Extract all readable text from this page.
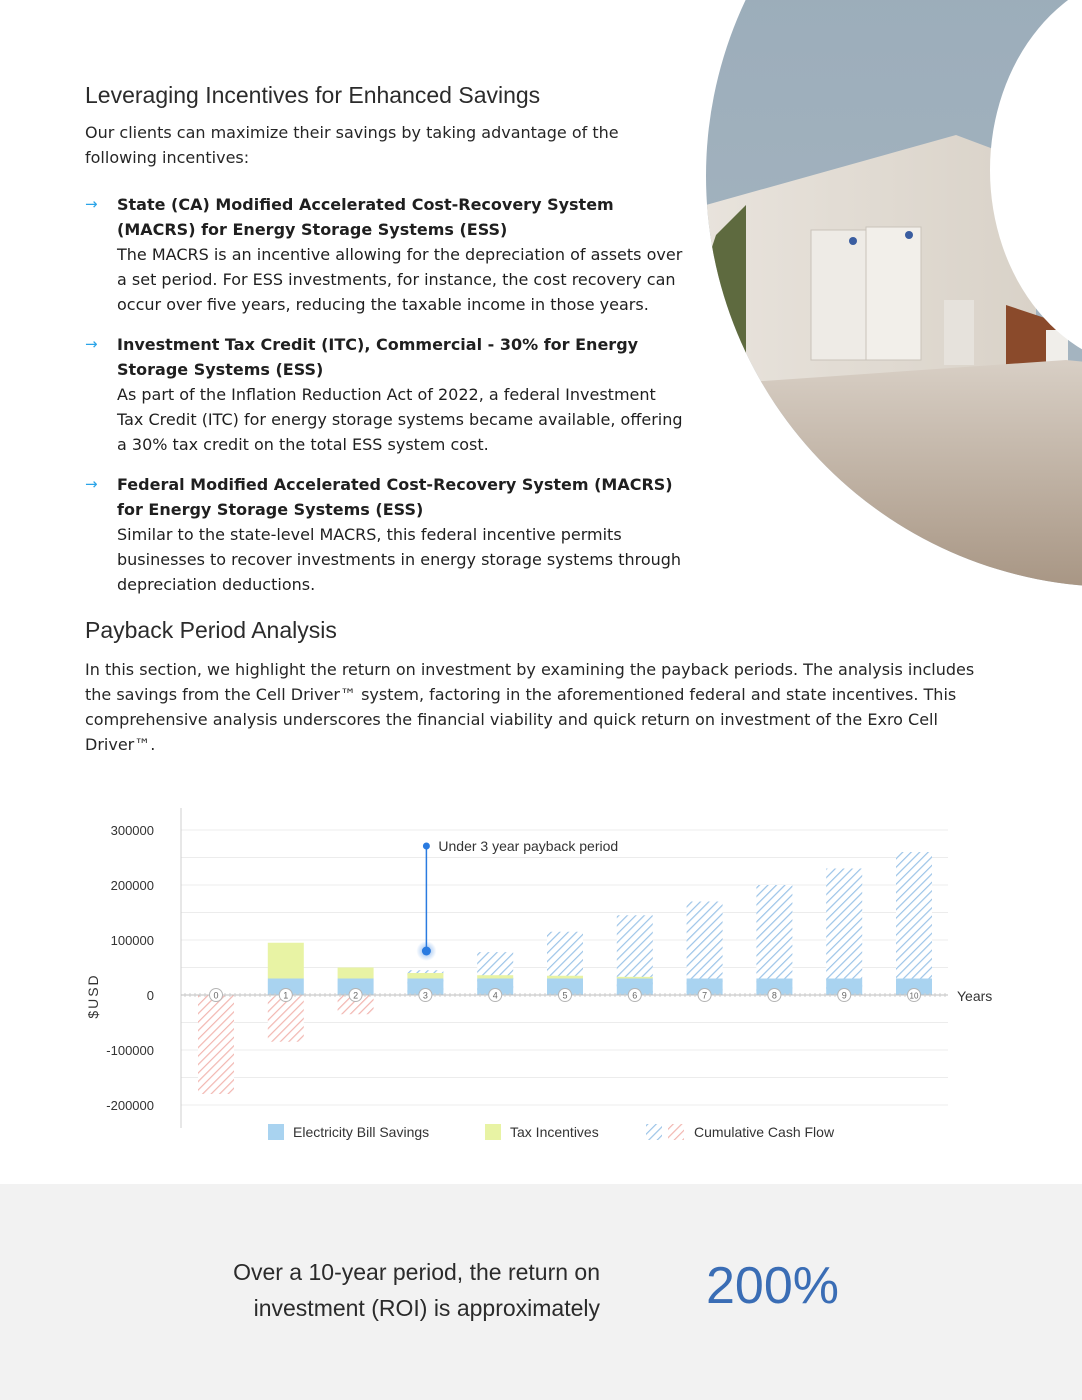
Leveraging Incentives for Enhanced Savings

Our clients can maximize their savings by taking advantage of the following incentives:

→ State (CA) Modified Accelerated Cost-Recovery System (MACRS) for Energy Storage Systems (ESS)
The MACRS is an incentive allowing for the depreciation of assets over a set period. For ESS investments, for instance, the cost recovery can occur over five years, reducing the taxable income in those years.
→ Investment Tax Credit (ITC), Commercial - 30% for Energy Storage Systems (ESS)
As part of the Inflation Reduction Act of 2022, a federal Investment Tax Credit (ITC) for energy storage systems became available, offering a 30% tax credit on the total ESS system cost.
→ Federal Modified Accelerated Cost-Recovery System (MACRS) for Energy Storage Systems (ESS)
Similar to the state-level MACRS, this federal incentive permits businesses to recover investments in energy storage systems through depreciation deductions.
Payback Period Analysis

In this section, we highlight the return on investment by examining the payback periods. The analysis includes the savings from the Cell Driver™ system, factoring in the aforementioned federal and state incentives. This comprehensive analysis underscores the financial viability and quick return on investment of the Exro Cell Driver™.

300000
200000
100000
0
-100000
-200000
0	1	2	3	4	5	6	7	8	9	10
Under 3 year payback period
$USD	Years
Electricity Bill Savings	Tax Incentives	Cumulative Cash Flow
Over a 10-year period, the return on investment (ROI) is approximately 200%
